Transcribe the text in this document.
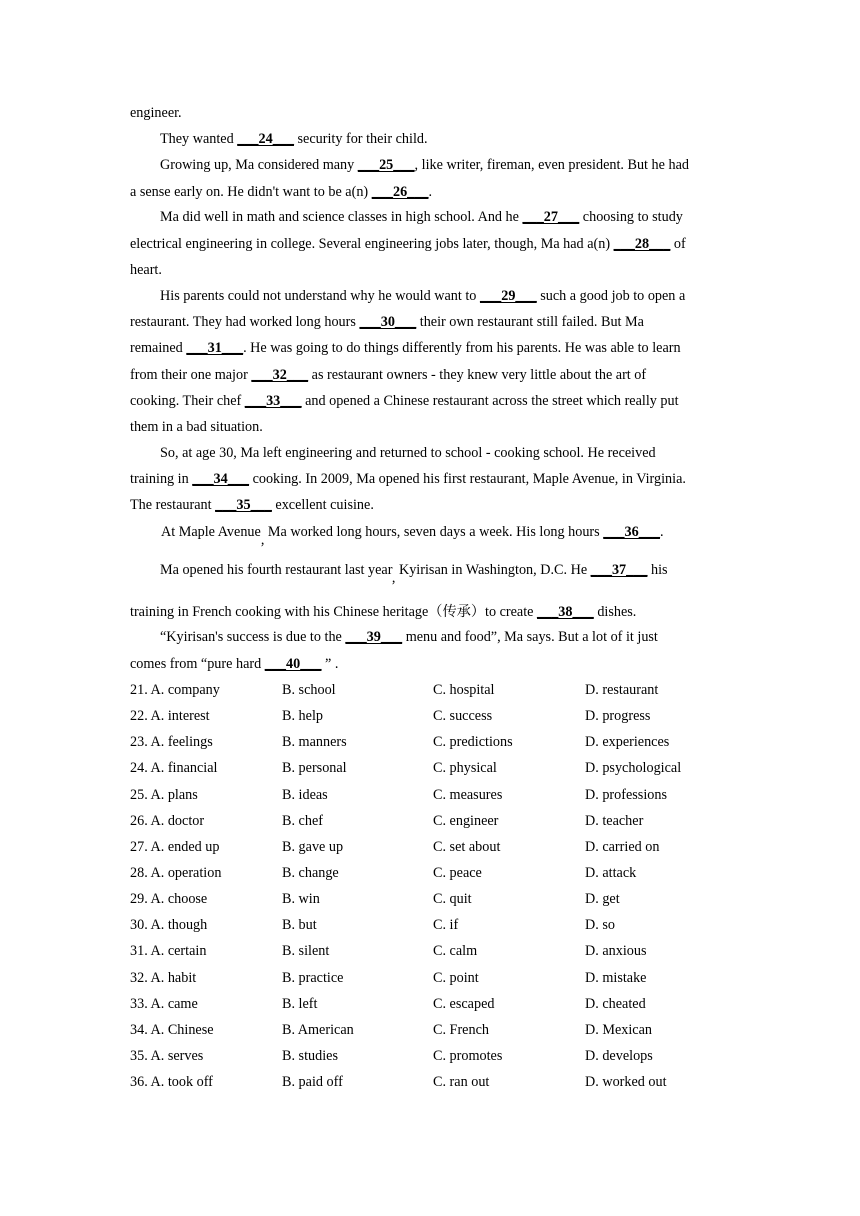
engineer.
They wanted ___24___ security for their child.
Growing up, Ma considered many ___25___, like writer, fireman, even president. But he had
a sense early on. He didn't want to be a(n) ___26___.
Ma did well in math and science classes in high school. And he ___27___ choosing to study
electrical engineering in college. Several engineering jobs later, though, Ma had a(n) ___28___ of
heart.
His parents could not understand why he would want to ___29___ such a good job to open a
restaurant. They had worked long hours ___30___ their own restaurant still failed. But Ma
remained ___31___. He was going to do things differently from his parents. He was able to learn
from their one major ___32___ as restaurant owners - they knew very little about the art of
cooking. Their chef ___33___ and opened a Chinese restaurant across the street which really put
them in a bad situation.
So, at age 30, Ma left engineering and returned to school - cooking school. He received
training in ___34___ cooking. In 2009, Ma opened his first restaurant, Maple Avenue, in Virginia.
The restaurant ___35___ excellent cuisine.
At Maple Avenue, Ma worked long hours, seven days a week. His long hours ___36___.
Ma opened his fourth restaurant last year, Kyirisan in Washington, D.C. He ___37___ his
training in French cooking with his Chinese heritage（传承）to create ___38___ dishes.
“Kyirisan's success is due to the ___39___ menu and food”, Ma says. But a lot of it just
comes from “pure hard ___40___ ” .
21. A. company	B. school	C. hospital	D. restaurant
22. A. interest	B. help	C. success	D. progress
23. A. feelings	B. manners	C. predictions	D. experiences
24. A. financial	B. personal	C. physical	D. psychological
25. A. plans	B. ideas	C. measures	D. professions
26. A. doctor	B. chef	C. engineer	D. teacher
27. A. ended up	B. gave up	C. set about	D. carried on
28. A. operation	B. change	C. peace	D. attack
29. A. choose	B. win	C. quit	D. get
30. A. though	B. but	C. if	D. so
31. A. certain	B. silent	C. calm	D. anxious
32. A. habit	B. practice	C. point	D. mistake
33. A. came	B. left	C. escaped	D. cheated
34. A. Chinese	B. American	C. French	D. Mexican
35. A. serves	B. studies	C. promotes	D. develops
36. A. took off	B. paid off	C. ran out	D. worked out
